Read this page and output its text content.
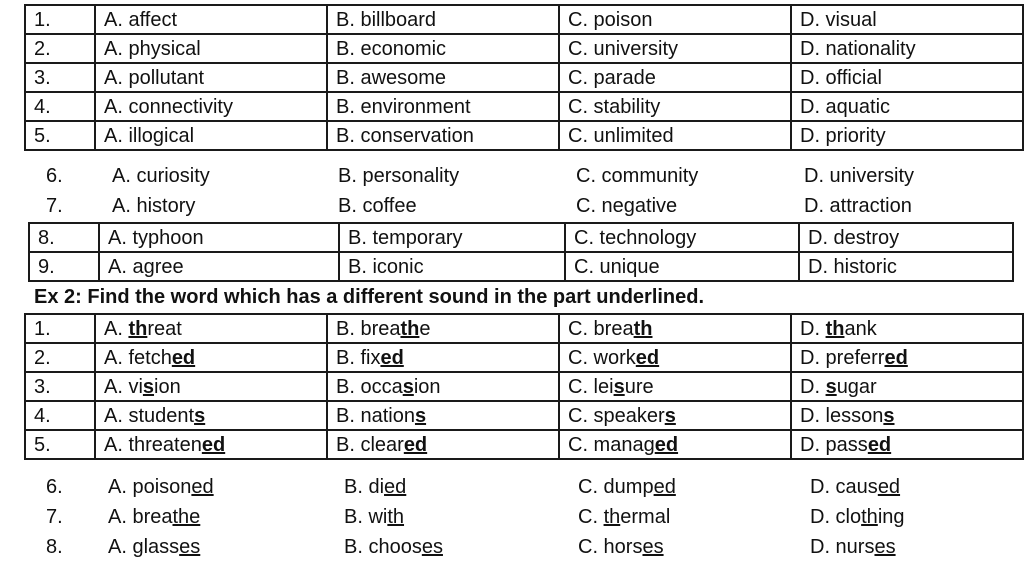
1.	A. affect	B. billboard	C. poison	D. visual
2.	A. physical	B. economic	C. university	D. nationality
3.	A. pollutant	B. awesome	C. parade	D. official
4.	A. connectivity	B. environment	C. stability	D. aquatic
5.	A. illogical	B. conservation	C. unlimited	D. priority
6. A. curiosity	B. personality	C. community	D. university
7. A. history	B. coffee	C. negative	D. attraction
8.	A. typhoon	B. temporary	C. technology	D. destroy
9.	A. agree	B. iconic	C. unique	D. historic
Ex 2: Find the word which has a different sound in the part underlined.
1.	A. threat	B. breathe	C. breath	D. thank
2.	A. fetched	B. fixed	C. worked	D. preferred
3.	A. vision	B. occasion	C. leisure	D. sugar
4.	A. students	B. nations	C. speakers	D. lessons
5.	A. threatened	B. cleared	C. managed	D. passed
6. A. poisoned	B. died	C. dumped	D. caused
7. A. breathe	B. with	C. thermal	D. clothing
8. A. glasses	B. chooses	C. horses	D. nurses
